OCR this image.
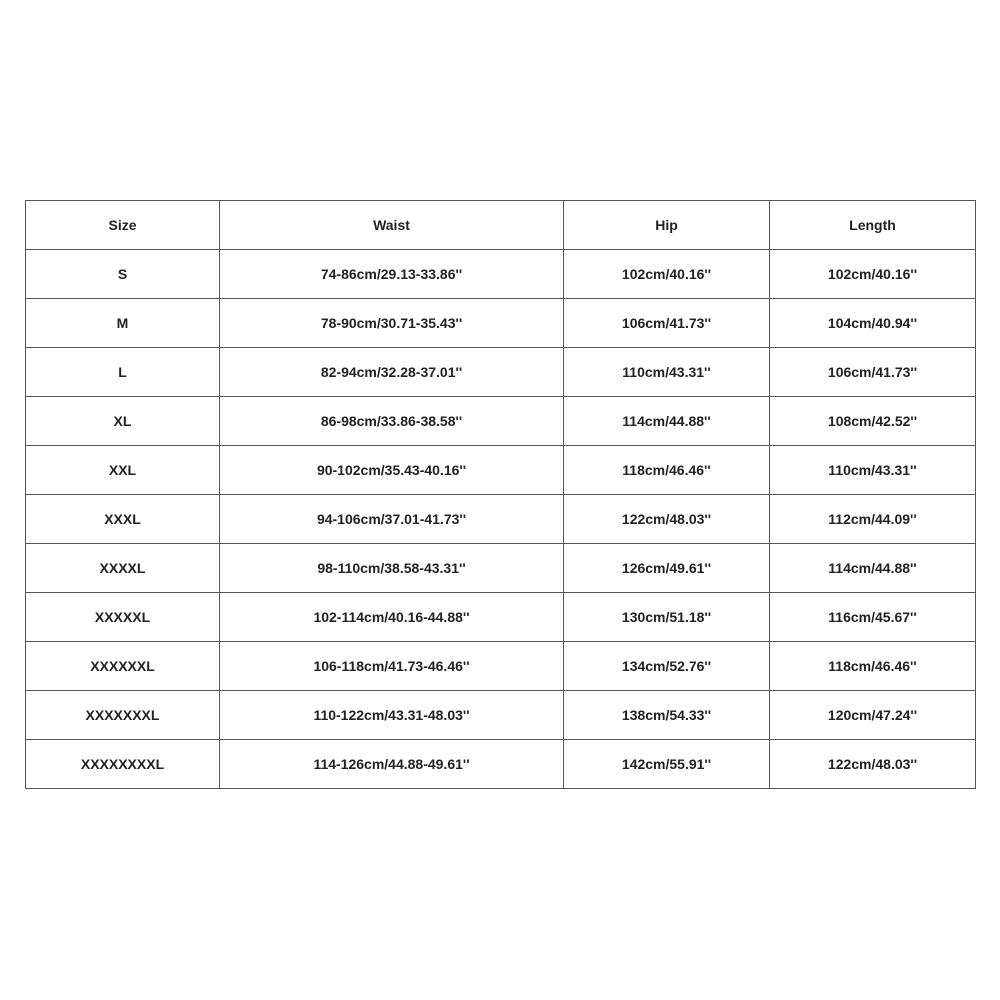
Size	Waist	Hip	Length
S	74-86cm/29.13-33.86''	102cm/40.16''	102cm/40.16''
M	78-90cm/30.71-35.43''	106cm/41.73''	104cm/40.94''
L	82-94cm/32.28-37.01''	110cm/43.31''	106cm/41.73''
XL	86-98cm/33.86-38.58''	114cm/44.88''	108cm/42.52''
XXL	90-102cm/35.43-40.16''	118cm/46.46''	110cm/43.31''
XXXL	94-106cm/37.01-41.73''	122cm/48.03''	112cm/44.09''
XXXXL	98-110cm/38.58-43.31''	126cm/49.61''	114cm/44.88''
XXXXXL	102-114cm/40.16-44.88''	130cm/51.18''	116cm/45.67''
XXXXXXL	106-118cm/41.73-46.46''	134cm/52.76''	118cm/46.46''
XXXXXXXL	110-122cm/43.31-48.03''	138cm/54.33''	120cm/47.24''
XXXXXXXXL	114-126cm/44.88-49.61''	142cm/55.91''	122cm/48.03''
